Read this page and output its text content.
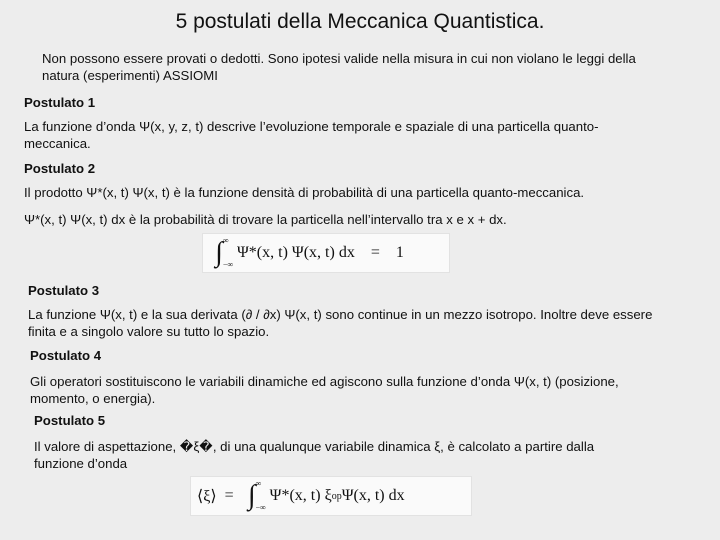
5 postulati della Meccanica Quantistica.
Non possono essere provati o dedotti. Sono ipotesi valide nella misura in cui non violano le leggi della
natura (esperimenti) ASSIOMI
Postulato 1
La funzione d’onda Ψ(x, y, z, t) descrive l’evoluzione temporale e spaziale di una particella quanto-
meccanica.
Postulato 2
Il prodotto Ψ*(x, t) Ψ(x, t) è la funzione densità di probabilità di una particella quanto-meccanica.
Ψ*(x, t) Ψ(x, t) dx è la probabilità di trovare la particella nell’intervallo tra x e x + dx.
∫ ∞
−∞
Ψ*(x, t) Ψ(x, t) dx = 1
Postulato 3
La funzione Ψ(x, t) e la sua derivata (∂ / ∂x) Ψ(x, t) sono continue in un mezzo isotropo. Inoltre deve essere
finita e a singolo valore su tutto lo spazio.
Postulato 4
Gli operatori sostituiscono le variabili dinamiche ed agiscono sulla funzione d’onda Ψ(x, t) (posizione,
momento, o energia).
Postulato 5
Il valore di aspettazione, �ξ�, di una qualunque variabile dinamica ξ, è calcolato a partire dalla
funzione d’onda
⟨ξ⟩ = ∫ ∞
−∞
Ψ*(x, t) ξ op Ψ(x, t) dx
